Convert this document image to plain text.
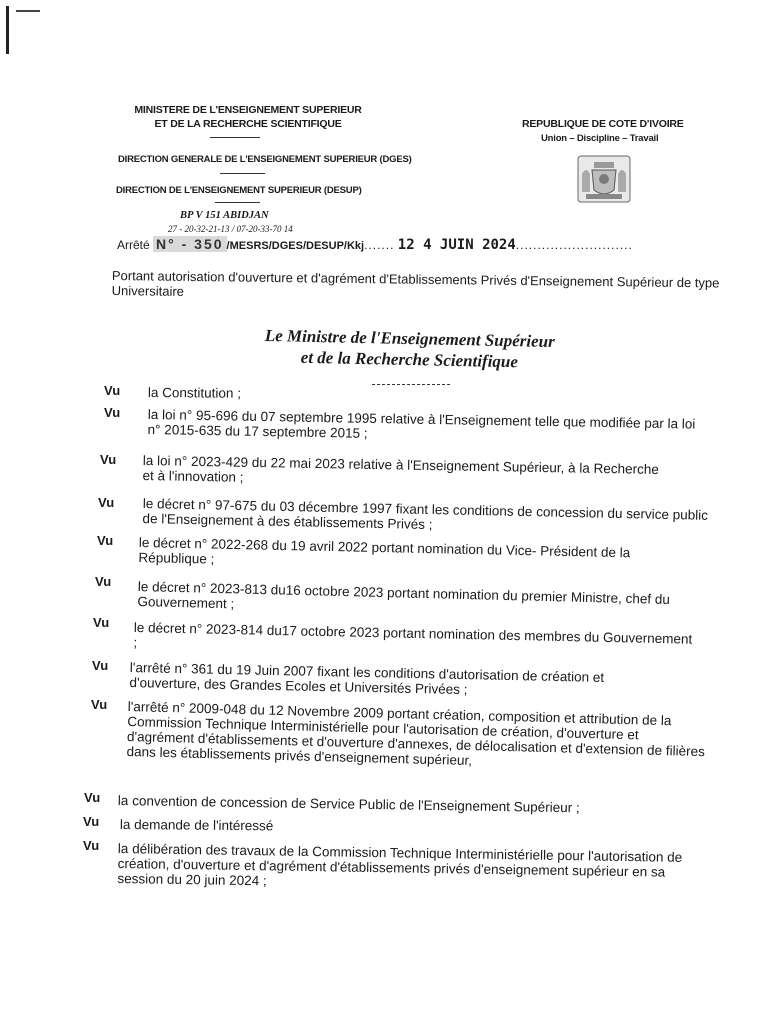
MINISTERE DE L'ENSEIGNEMENT SUPERIEUR
ET DE LA RECHERCHE SCIENTIFIQUE
DIRECTION GENERALE DE L'ENSEIGNEMENT SUPERIEUR (DGES)
DIRECTION DE L'ENSEIGNEMENT SUPERIEUR (DESUP)
BP V 151 ABIDJAN
27 - 20-32-21-13 / 07-20-33-70 14
REPUBLIQUE DE COTE D'IVOIRE
Union – Discipline – Travail
Arrêté N° - 350 /MESRS/DGES/DESUP/Kkj....... 12 4 JUIN 2024...........................
Portant autorisation d'ouverture et d'agrément d'Etablissements Privés d'Enseignement Supérieur de type Universitaire
Le Ministre de l'Enseignement Supérieur
et de la Recherche Scientifique
Vu la Constitution ;
Vu la loi n° 95-696 du 07 septembre 1995 relative à l'Enseignement telle que modifiée par la loi n° 2015-635 du 17 septembre 2015 ;
Vu la loi n° 2023-429 du 22 mai 2023 relative à l'Enseignement Supérieur, à la Recherche et à l'innovation ;
Vu le décret n° 97-675 du 03 décembre 1997 fixant les conditions de concession du service public de l'Enseignement à des établissements Privés ;
Vu le décret n° 2022-268 du 19 avril 2022 portant nomination du Vice- Président de la République ;
Vu le décret n° 2023-813 du16 octobre 2023 portant nomination du premier Ministre, chef du Gouvernement ;
Vu le décret n° 2023-814 du17 octobre 2023 portant nomination des membres du Gouvernement ;
Vu l'arrêté n° 361 du 19 Juin 2007 fixant les conditions d'autorisation de création et d'ouverture, des Grandes Ecoles et Universités Privées ;
Vu l'arrêté n° 2009-048 du 12 Novembre 2009 portant création, composition et attribution de la Commission Technique Interministérielle pour l'autorisation de création, d'ouverture et d'agrément d'établissements et d'ouverture d'annexes, de délocalisation et d'extension de filières dans les établissements privés d'enseignement supérieur,
Vu la convention de concession de Service Public de l'Enseignement Supérieur ;
Vu la demande de l'intéressé
Vu la délibération des travaux de la Commission Technique Interministérielle pour l'autorisation de création, d'ouverture et d'agrément d'établissements privés d'enseignement supérieur en sa session du 20 juin 2024 ;
